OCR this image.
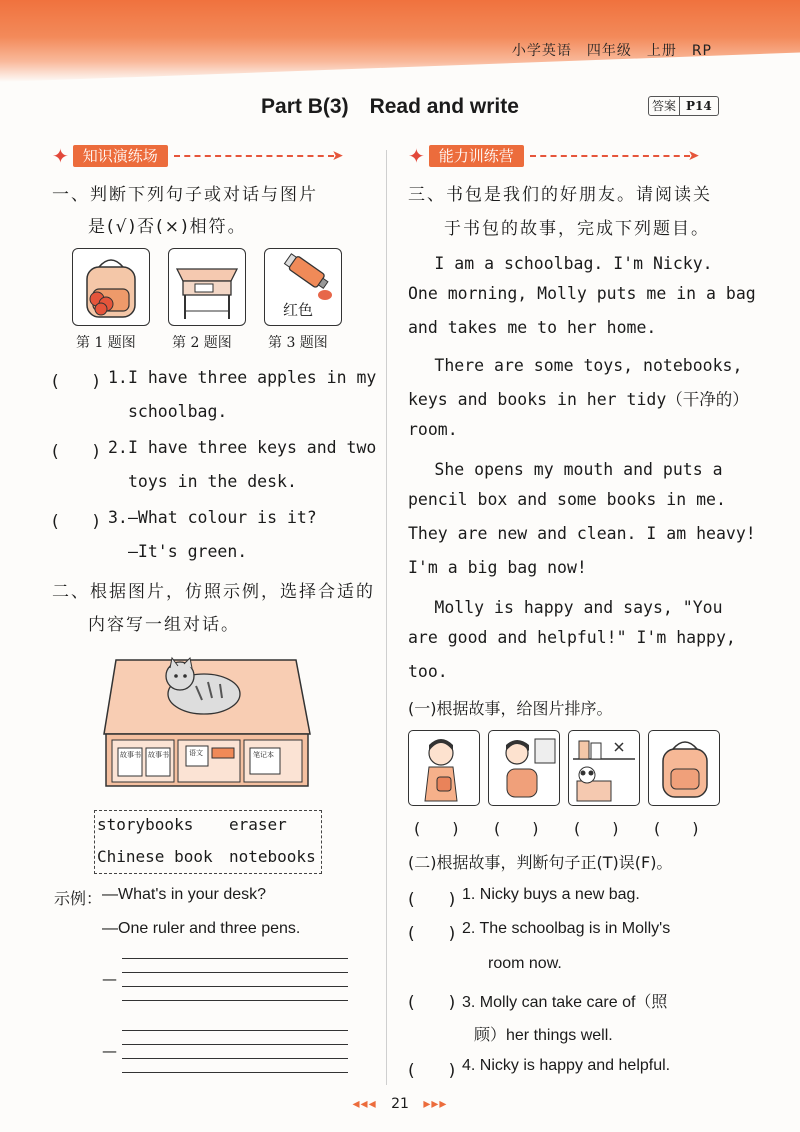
小学英语　四年级　上册　RP
Part B(3)　Read and write	答案 P14
✦ 知识演练场	➤
一、判断下列句子或对话与图片
是(√)否(×)相符。
红色
第 1 题图	第 2 题图	第 3 题图
(　　) 1. I have three apples in my
schoolbag.
(　　) 2. I have three keys and two
toys in the desk.
(　　) 3. —What colour is it?
—It's green.
二、根据图片，仿照示例，选择合适的
内容写一组对话。
故事书 故事书	语文	笔记本
storybooks eraser
Chinese book notebooks
示例： —What's in your desk?
—One ruler and three pens.
—
—
✦ 能力训练营	➤
三、书包是我们的好朋友。请阅读关
于书包的故事，完成下列题目。
　 I am a schoolbag. I'm Nicky.
One morning, Molly puts me in a bag
and takes me to her home.
　 There are some toys, notebooks,
keys and books in her tidy（干净的）
room.
　 She opens my mouth and puts a
pencil box and some books in me.
They are new and clean. I am heavy!
I'm a big bag now!
　 Molly is happy and says, "You
are good and helpful!" I'm happy,
too.
(一)根据故事，给图片排序。
(　　) (　　) (　　) (　　)
(二)根据故事，判断句子正(T)误(F)。
(　　) 1. Nicky buys a new bag.
(　　) 2. The schoolbag is in Molly's
room now.
(　　) 3. Molly can take care of（照
顾）her things well.
(　　) 4. Nicky is happy and helpful.
◂◂◂ 21 ▸▸▸
